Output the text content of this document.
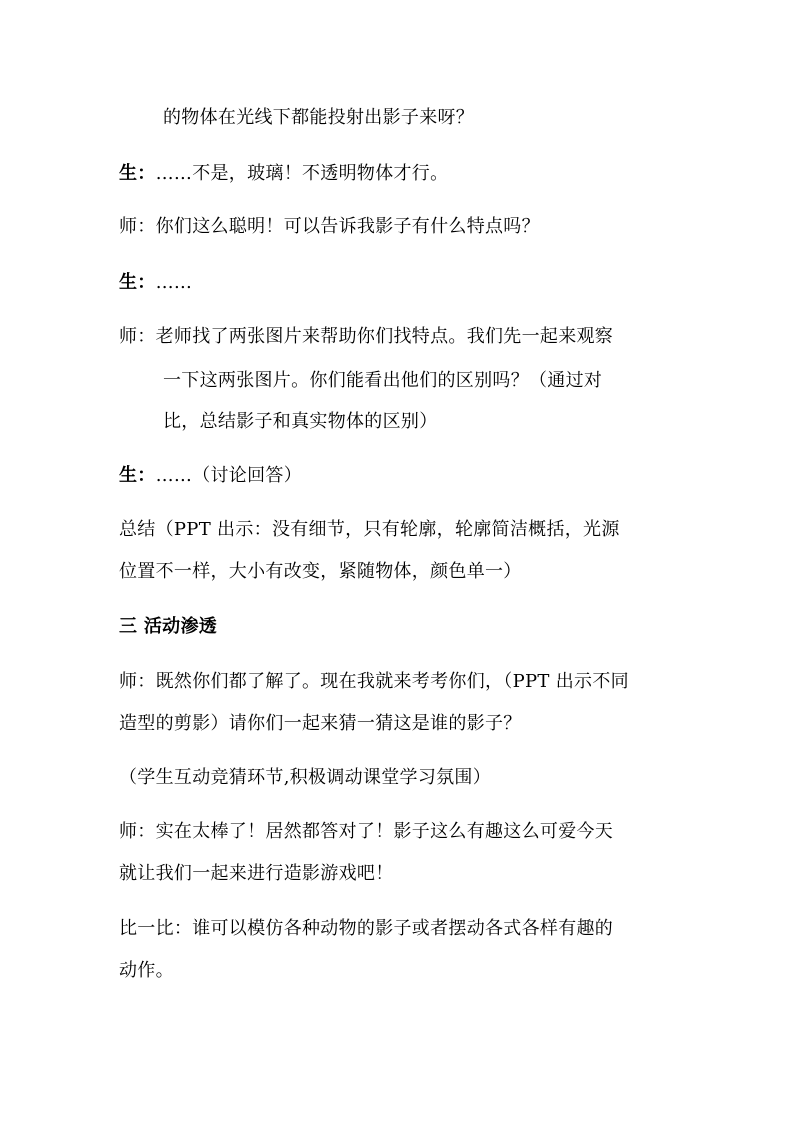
的物体在光线下都能投射出影子来呀？
生：……不是，玻璃！不透明物体才行。
师：你们这么聪明！可以告诉我影子有什么特点吗？
生：……
师：老师找了两张图片来帮助你们找特点。我们先一起来观察
一下这两张图片。你们能看出他们的区别吗？（通过对
比，总结影子和真实物体的区别）
生：……（讨论回答）
总结（PPT 出示：没有细节，只有轮廓，轮廓简洁概括，光源
位置不一样，大小有改变，紧随物体，颜色单一）
三 活动渗透
师：既然你们都了解了。现在我就来考考你们，（PPT 出示不同
造型的剪影）请你们一起来猜一猜这是谁的影子？
（学生互动竞猜环节,积极调动课堂学习氛围）
师：实在太棒了！居然都答对了！影子这么有趣这么可爱今天
就让我们一起来进行造影游戏吧！
比一比：谁可以模仿各种动物的影子或者摆动各式各样有趣的
动作。
